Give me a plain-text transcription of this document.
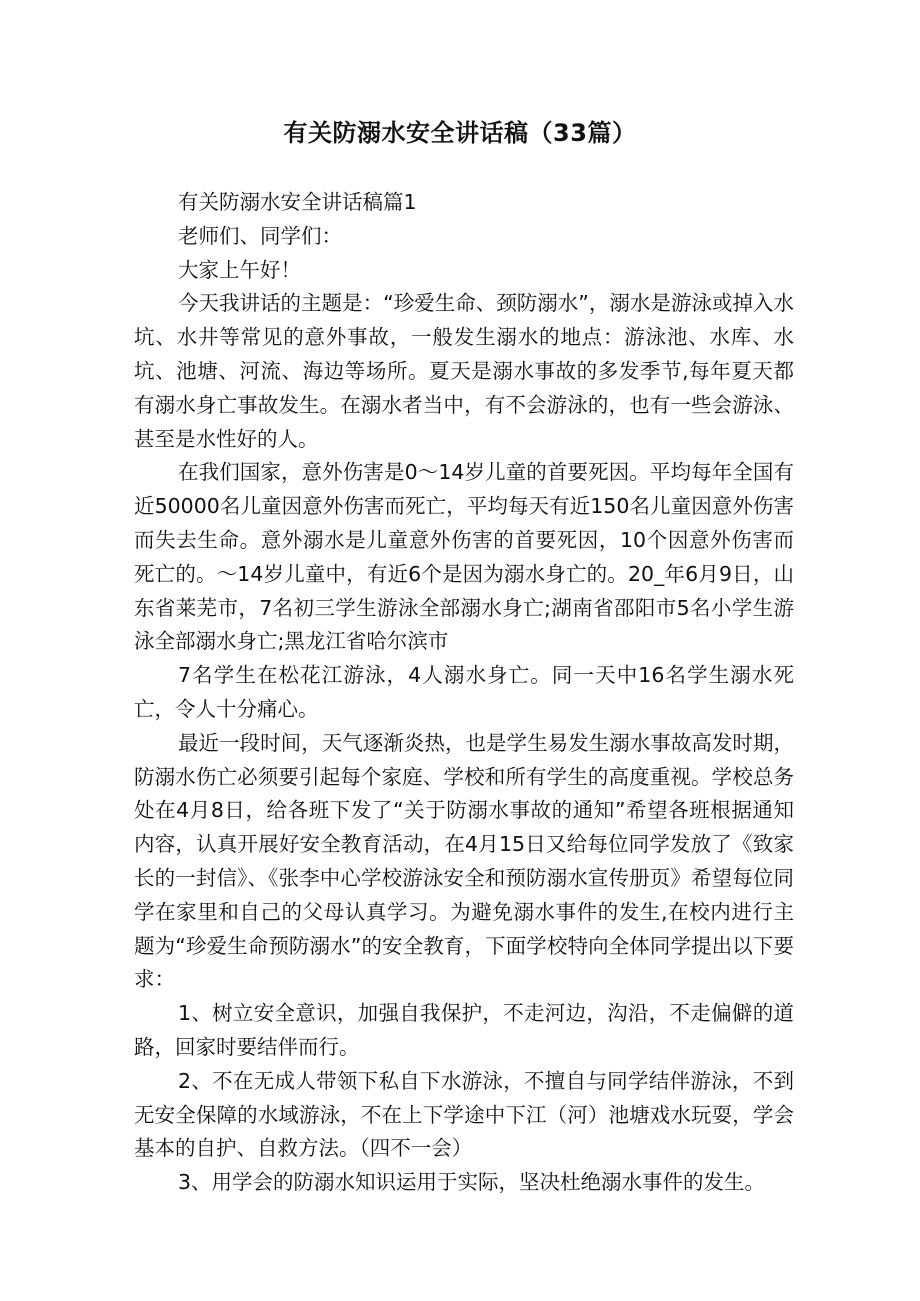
有关防溺水安全讲话稿（33篇）

有关防溺水安全讲话稿篇1

老师们、同学们：

大家上午好！

今天我讲话的主题是：“珍爱生命、颈防溺水”，溺水是游泳或掉入水坑、水井等常见的意外事故，一般发生溺水的地点：游泳池、水库、水坑、池塘、河流、海边等场所。夏天是溺水事故的多发季节,每年夏天都有溺水身亡事故发生。在溺水者当中，有不会游泳的，也有一些会游泳、甚至是水性好的人。

在我们国家，意外伤害是0～14岁儿童的首要死因。平均每年全国有近50000名儿童因意外伤害而死亡，平均每天有近150名儿童因意外伤害而失去生命。意外溺水是儿童意外伤害的首要死因，10个因意外伤害而死亡的。～14岁儿童中，有近6个是因为溺水身亡的。20_年6月9日，山东省莱芜市，7名初三学生游泳全部溺水身亡;湖南省邵阳市5名小学生游泳全部溺水身亡;黑龙江省哈尔滨市

7名学生在松花江游泳，4人溺水身亡。同一天中16名学生溺水死亡，令人十分痛心。

最近一段时间，天气逐渐炎热，也是学生易发生溺水事故高发时期，防溺水伤亡必须要引起每个家庭、学校和所有学生的高度重视。学校总务处在4月8日，给各班下发了“关于防溺水事故的通知”希望各班根据通知内容，认真开展好安全教育活动，在4月15日又给每位同学发放了《致家长的一封信》、《张李中心学校游泳安全和预防溺水宣传册页》希望每位同学在家里和自己的父母认真学习。为避免溺水事件的发生,在校内进行主题为“珍爱生命预防溺水”的安全教育，下面学校特向全体同学提出以下要求：

1、树立安全意识，加强自我保护，不走河边，沟沿，不走偏僻的道路，回家时要结伴而行。

2、不在无成人带领下私自下水游泳，不擅自与同学结伴游泳，不到无安全保障的水域游泳，不在上下学途中下江（河）池塘戏水玩耍，学会基本的自护、自救方法。（四不一会）

3、用学会的防溺水知识运用于实际，坚决杜绝溺水事件的发生。
